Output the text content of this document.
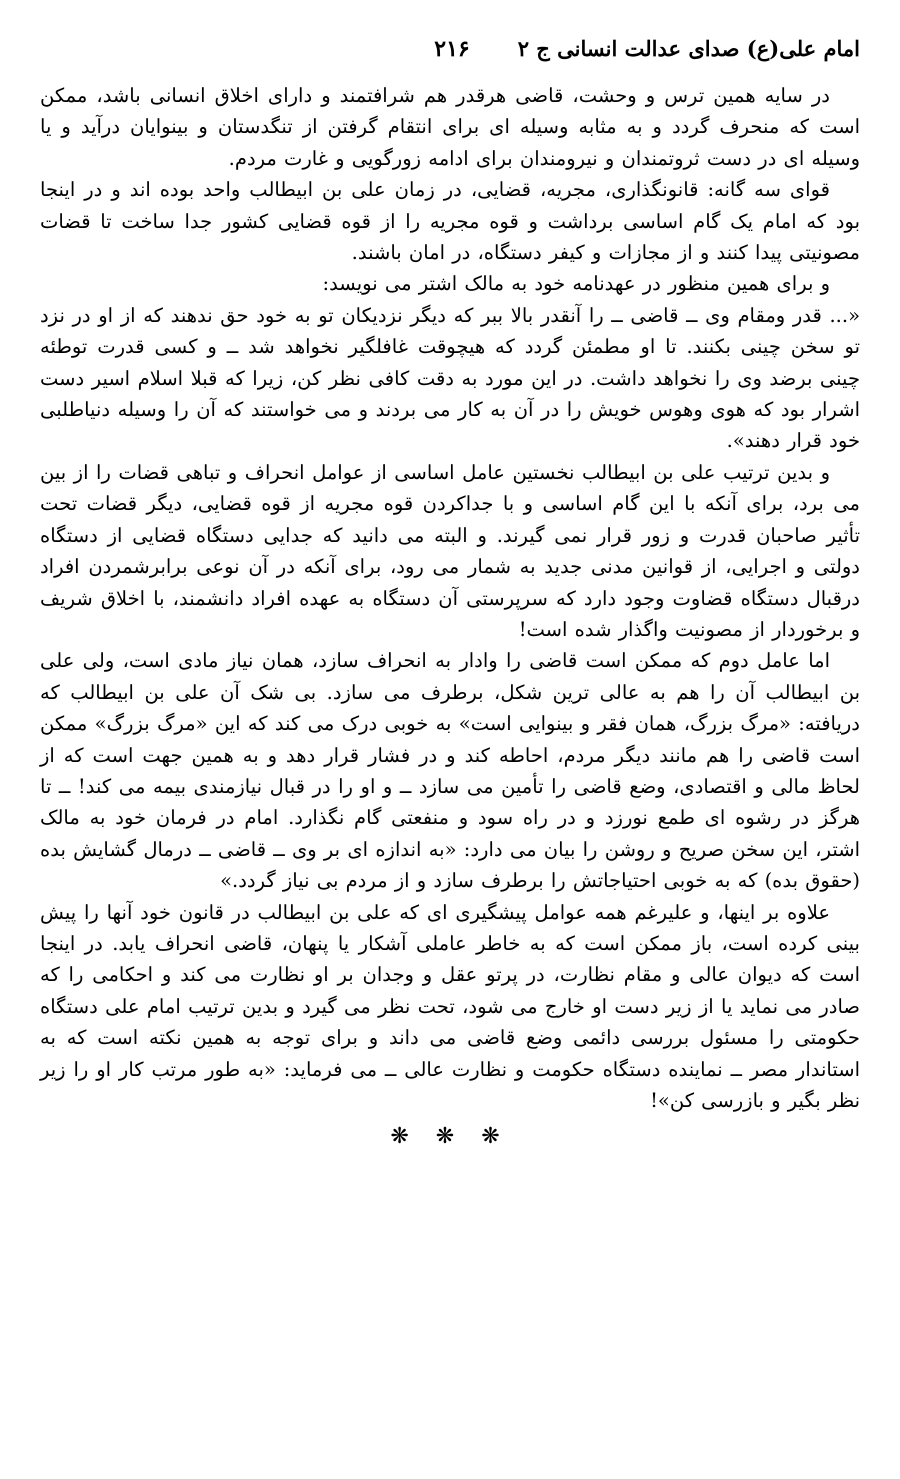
امام علی(ع) صدای عدالت انسانی ج ۲
۲۱۶

در سایه همین ترس و وحشت، قاضی هرقدر هم شرافتمند و دارای اخلاق انسانی باشد، ممکن است که منحرف گردد و به مثابه وسیله ای برای انتقام گرفتن از تنگدستان و بینوایان درآید و یا وسیله ای در دست ثروتمندان و نیرومندان برای ادامه زورگویی و غارت مردم.

قوای سه گانه: قانونگذاری، مجریه، قضایی، در زمان علی بن ابیطالب واحد بوده اند و در اینجا بود که امام یک گام اساسی برداشت و قوه مجریه را از قوه قضایی کشور جدا ساخت تا قضات مصونیتی پیدا کنند و از مجازات و کیفر دستگاه، در امان باشند.

و برای همین منظور در عهدنامه خود به مالک اشتر می نویسد:

«... قدر ومقام وی ــ قاضی ــ را آنقدر بالا ببر که دیگر نزدیکان تو به خود حق ندهند که از او در نزد تو سخن چینی بکنند. تا او مطمئن گردد که هیچوقت غافلگیر نخواهد شد ــ و کسی قدرت توطئه چینی برضد وی را نخواهد داشت. در این مورد به دقت کافی نظر کن، زیرا که قبلا اسلام اسیر دست اشرار بود که هوی وهوس خویش را در آن به کار می بردند و می خواستند که آن را وسیله دنیاطلبی خود قرار دهند».

و بدین ترتیب علی بن ابیطالب نخستین عامل اساسی از عوامل انحراف و تباهی قضات را از بین می برد، برای آنکه با این گام اساسی و با جداکردن قوه مجریه از قوه قضایی، دیگر قضات تحت تأثیر صاحبان قدرت و زور قرار نمی گیرند. و البته می دانید که جدایی دستگاه قضایی از دستگاه دولتی و اجرایی، از قوانین مدنی جدید به شمار می رود، برای آنکه در آن نوعی برابرشمردن افراد درقبال دستگاه قضاوت وجود دارد که سرپرستی آن دستگاه به عهده افراد دانشمند، با اخلاق شریف و برخوردار از مصونیت واگذار شده است!

اما عامل دوم که ممکن است قاضی را وادار به انحراف سازد، همان نیاز مادی است، ولی علی بن ابیطالب آن را هم به عالی ترین شکل، برطرف می سازد. بی شک آن علی بن ابیطالب که دریافته: «مرگ بزرگ، همان فقر و بینوایی است» به خوبی درک می کند که این «مرگ بزرگ» ممکن است قاضی را هم مانند دیگر مردم، احاطه کند و در فشار قرار دهد و به همین جهت است که از لحاظ مالی و اقتصادی، وضع قاضی را تأمین می سازد ــ و او را در قبال نیازمندی بیمه می کند! ــ تا هرگز در رشوه ای طمع نورزد و در راه سود و منفعتی گام نگذارد. امام در فرمان خود به مالک اشتر، این سخن صریح و روشن را بیان می دارد: «به اندازه ای بر وی ــ قاضی ــ درمال گشایش بده (حقوق بده) که به خوبی احتیاجاتش را برطرف سازد و از مردم بی نیاز گردد.»

علاوه بر اینها، و علیرغم همه عوامل پیشگیری ای که علی بن ابیطالب در قانون خود آنها را پیش بینی کرده است، باز ممکن است که به خاطر عاملی آشکار یا پنهان، قاضی انحراف یابد. در اینجا است که دیوان عالی و مقام نظارت، در پرتو عقل و وجدان بر او نظارت می کند و احکامی را که صادر می نماید یا از زیر دست او خارج می شود، تحت نظر می گیرد و بدین ترتیب امام علی دستگاه حکومتی را مسئول بررسی دائمی وضع قاضی می داند و برای توجه به همین نکته است که به استاندار مصر ــ نماینده دستگاه حکومت و نظارت عالی ــ می فرماید: «به طور مرتب کار او را زیر نظر بگیر و بازرسی کن»!

❋ ❋ ❋
